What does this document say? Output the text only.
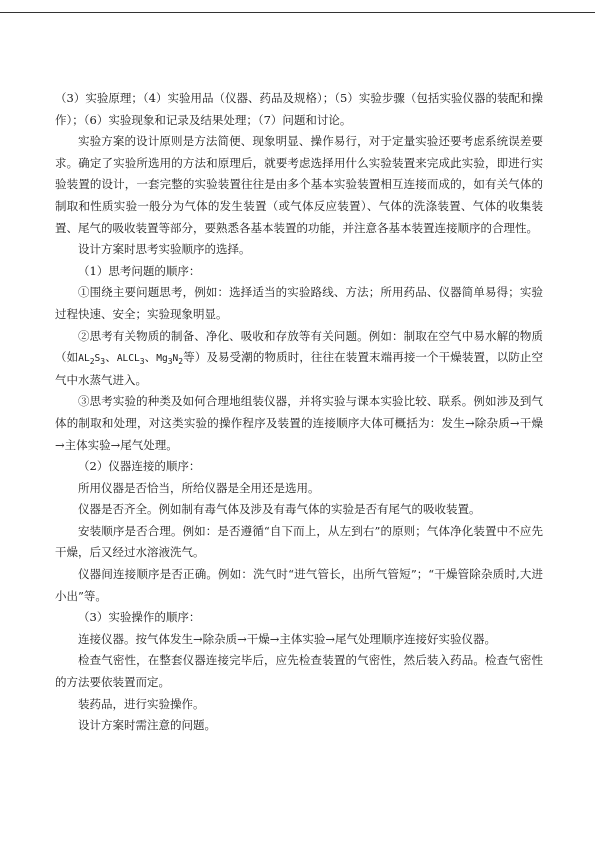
（3）实验原理；（4）实验用品（仪器、药品及规格）；（5）实验步骤（包括实验仪器的装配和操作）；（6）实验现象和记录及结果处理；（7）问题和讨论。

实验方案的设计原则是方法简便、现象明显、操作易行，对于定量实验还要考虑系统误差要求。确定了实验所选用的方法和原理后，就要考虑选择用什么实验装置来完成此实验，即进行实验装置的设计，一套完整的实验装置往往是由多个基本实验装置相互连接而成的，如有关气体的制取和性质实验一般分为气体的发生装置（或气体反应装置）、气体的洗涤装置、气体的收集装置、尾气的吸收装置等部分，要熟悉各基本装置的功能，并注意各基本装置连接顺序的合理性。

设计方案时思考实验顺序的选择。

（1）思考问题的顺序：

①围绕主要问题思考，例如：选择适当的实验路线、方法；所用药品、仪器简单易得；实验过程快速、安全；实验现象明显。

②思考有关物质的制备、净化、吸收和存放等有关问题。例如：制取在空气中易水解的物质（如$AL_2S_3$、$ALCL_3$、$Mg_3N_2$等）及易受潮的物质时，往往在装置末端再接一个干燥装置，以防止空气中水蒸气进入。

③思考实验的种类及如何合理地组装仪器，并将实验与课本实验比较、联系。例如涉及到气体的制取和处理，对这类实验的操作程序及装置的连接顺序大体可概括为：发生→除杂质→干燥→主体实验→尾气处理。

（2）仪器连接的顺序：

所用仪器是否恰当，所给仪器是全用还是选用。

仪器是否齐全。例如制有毒气体及涉及有毒气体的实验是否有尾气的吸收装置。

安装顺序是否合理。例如：是否遵循“自下而上，从左到右”的原则；气体净化装置中不应先干燥，后又经过水溶液洗气。

仪器间连接顺序是否正确。例如：洗气时“进气管长，出所气管短”；“干燥管除杂质时,大进小出”等。

（3）实验操作的顺序：

连接仪器。按气体发生→除杂质→干燥→主体实验→尾气处理顺序连接好实验仪器。

检查气密性，在整套仪器连接完毕后，应先检查装置的气密性，然后装入药品。检查气密性的方法要依装置而定。

装药品，进行实验操作。

设计方案时需注意的问题。
